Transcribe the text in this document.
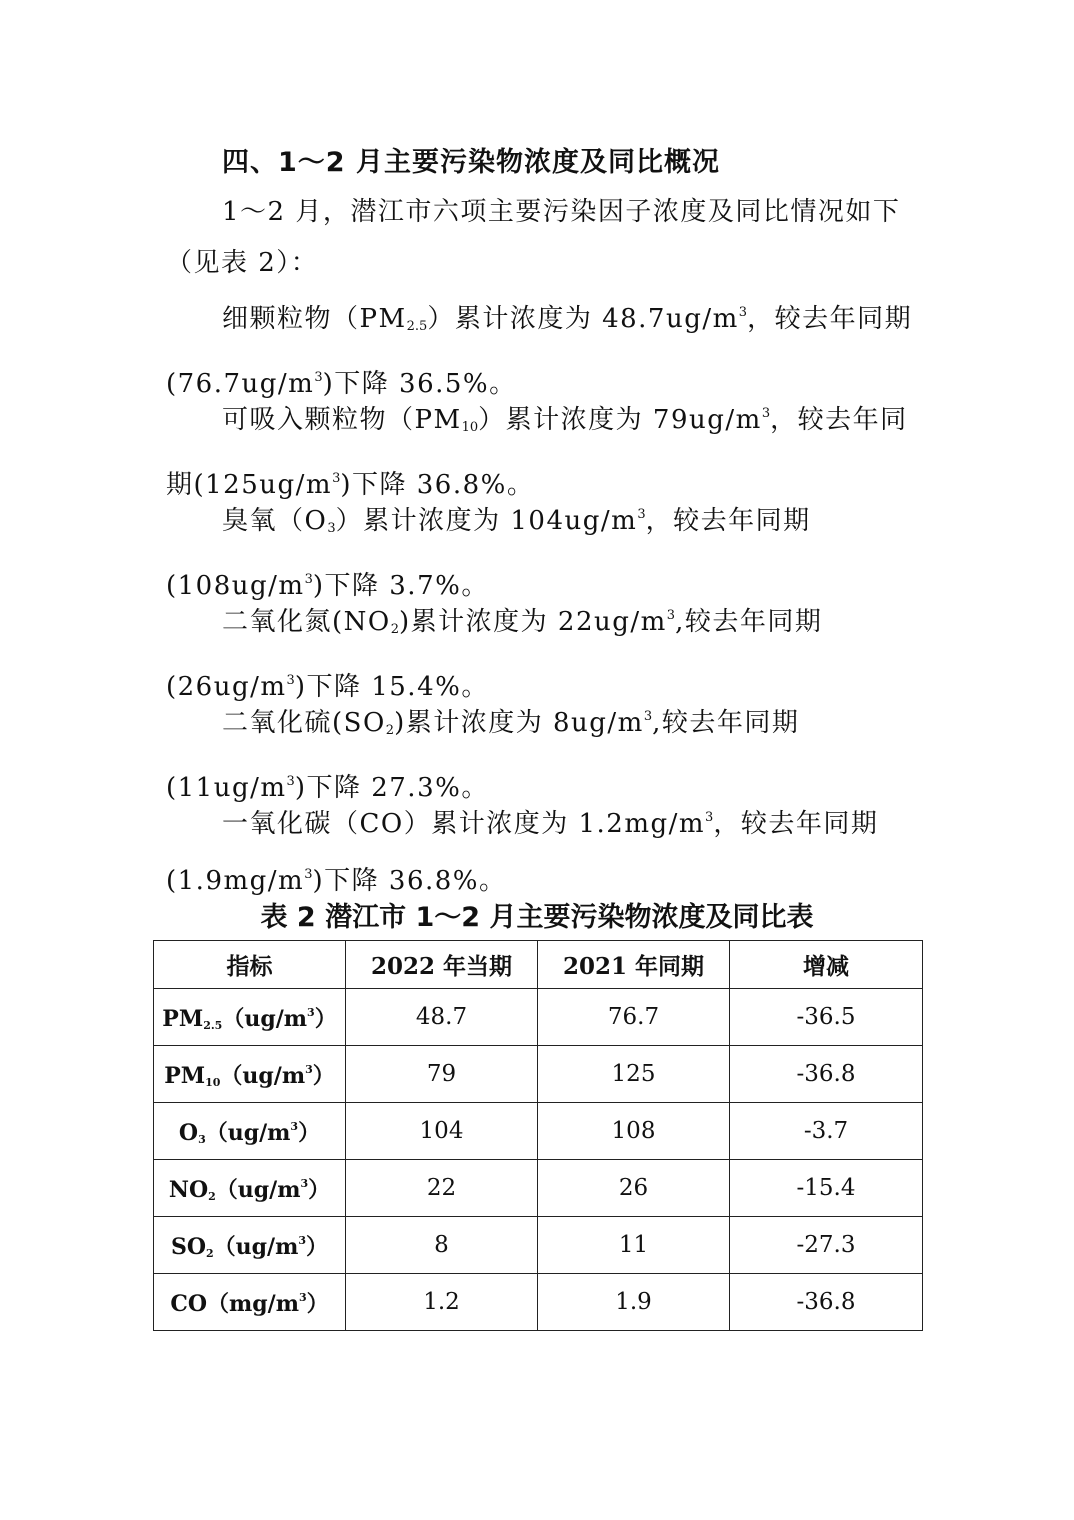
四、1～2 月主要污染物浓度及同比概况

1～2 月，潜江市六项主要污染因子浓度及同比情况如下（见表 2）：

细颗粒物$(PM_{2.5})$累计浓度为 $48.7ug/m^3$，较去年同期$(76.7ug/m^3)$下降 36.5%。

可吸入颗粒物$(PM_{10})$累计浓度为 $79ug/m^3$，较去年同期$(125ug/m^3)$下降 36.8%。

臭氧$(O_3)$累计浓度为 $104ug/m^3$，较去年同期$(108ug/m^3)$下降 3.7%。

二氧化氮$(NO_2)$累计浓度为 $22ug/m^3$,较去年同期$(26ug/m^3)$下降 15.4%。

二氧化硫$(SO_2)$累计浓度为 $8ug/m^3$,较去年同期$(11ug/m^3)$下降 27.3%。

一氧化碳（CO）累计浓度为 $1.2mg/m^3$，较去年同期$(1.9mg/m^3)$下降 36.8%。

表 2 潜江市 1～2 月主要污染物浓度及同比表
指标	2022 年当期	2021 年同期	增减
$PM_{2.5}(ug/m^3)$	48.7	76.7	-36.5
$PM_{10}(ug/m^3)$	79	125	-36.8
$O_3(ug/m^3)$	104	108	-3.7
$NO_2(ug/m^3)$	22	26	-15.4
$SO_2(ug/m^3)$	8	11	-27.3
$CO(mg/m^3)$	1.2	1.9	-36.8
